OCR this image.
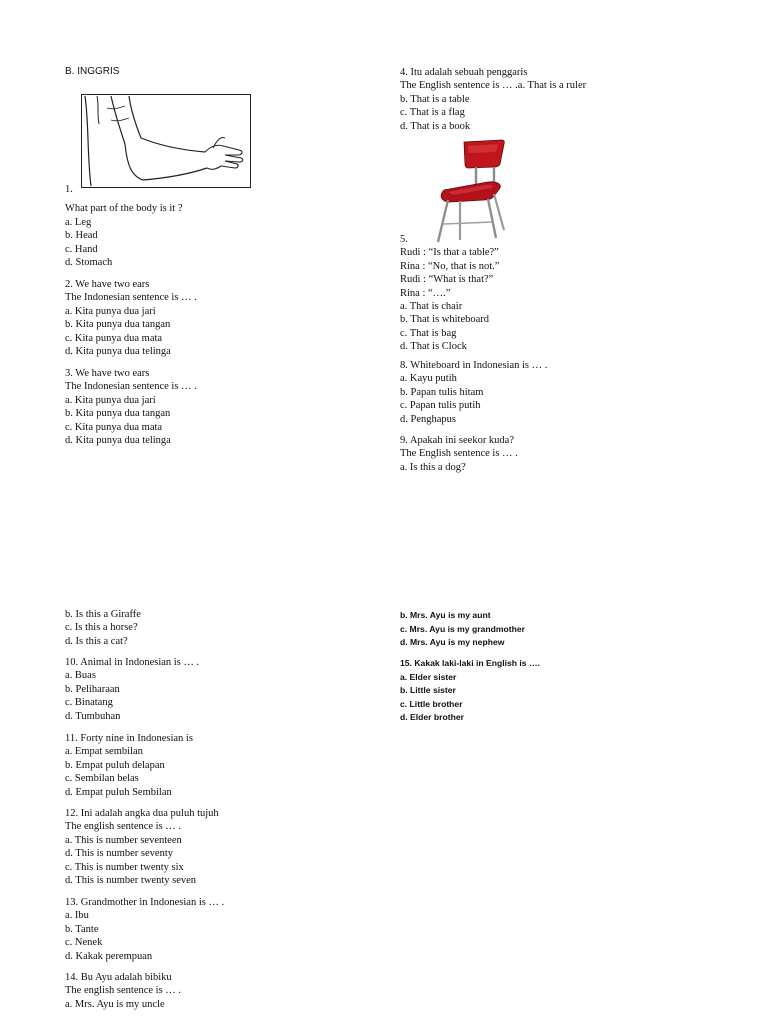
B. INGGRIS
1.
What part of the body is it ?
a. Leg
b. Head
c. Hand
d. Stomach
2. We have two ears
The Indonesian sentence is … .
a. Kita punya dua jari
b. Kita punya dua tangan
c. Kita punya dua mata
d. Kita punya dua telinga
3. We have two ears
The Indonesian sentence is … .
a. Kita punya dua jari
b. Kita punya dua tangan
c. Kita punya dua mata
d. Kita punya dua telinga
4. Itu adalah sebuah penggaris
The English sentence is … .a. That is a ruler
b. That is a table
c. That is a flag
d. That is a book
5.
Rudi : “Is that a table?”
Rina : “No, that is not.”
Rudi : “What is that?”
Rina : “….”
a. That is chair
b. That is whiteboard
c. That is bag
d. That is Clock
8. Whiteboard in Indonesian is … .
a. Kayu putih
b. Papan tulis hitam
c. Papan tulis putih
d. Penghapus
9. Apakah ini seekor kuda?
The English sentence is … .
a. Is this a dog?
b. Is this a Giraffe
c. Is this a horse?
d. Is this a cat?
10. Animal in Indonesian is … .
a. Buas
b. Peliharaan
c. Binatang
d. Tumbuhan
11. Forty nine in Indonesian is
a. Empat sembilan
b. Empat puluh delapan
c. Sembilan belas
d. Empat puluh Sembilan
12. Ini adalah angka dua puluh tujuh
The english sentence is … .
a. This is number seventeen
d. This is number seventy
c. This is number twenty six
d. This is number twenty seven
13. Grandmother in Indonesian is … .
a. Ibu
b. Tante
c. Nenek
d. Kakak perempuan
14. Bu Ayu adalah bibiku
The english sentence is … .
a. Mrs. Ayu is my uncle
b. Mrs. Ayu is my aunt
c. Mrs. Ayu is my grandmother
d. Mrs. Ayu is my nephew
15. Kakak laki-laki in English is ….
a. Elder sister
b. Little sister
c. Little brother
d. Elder brother
